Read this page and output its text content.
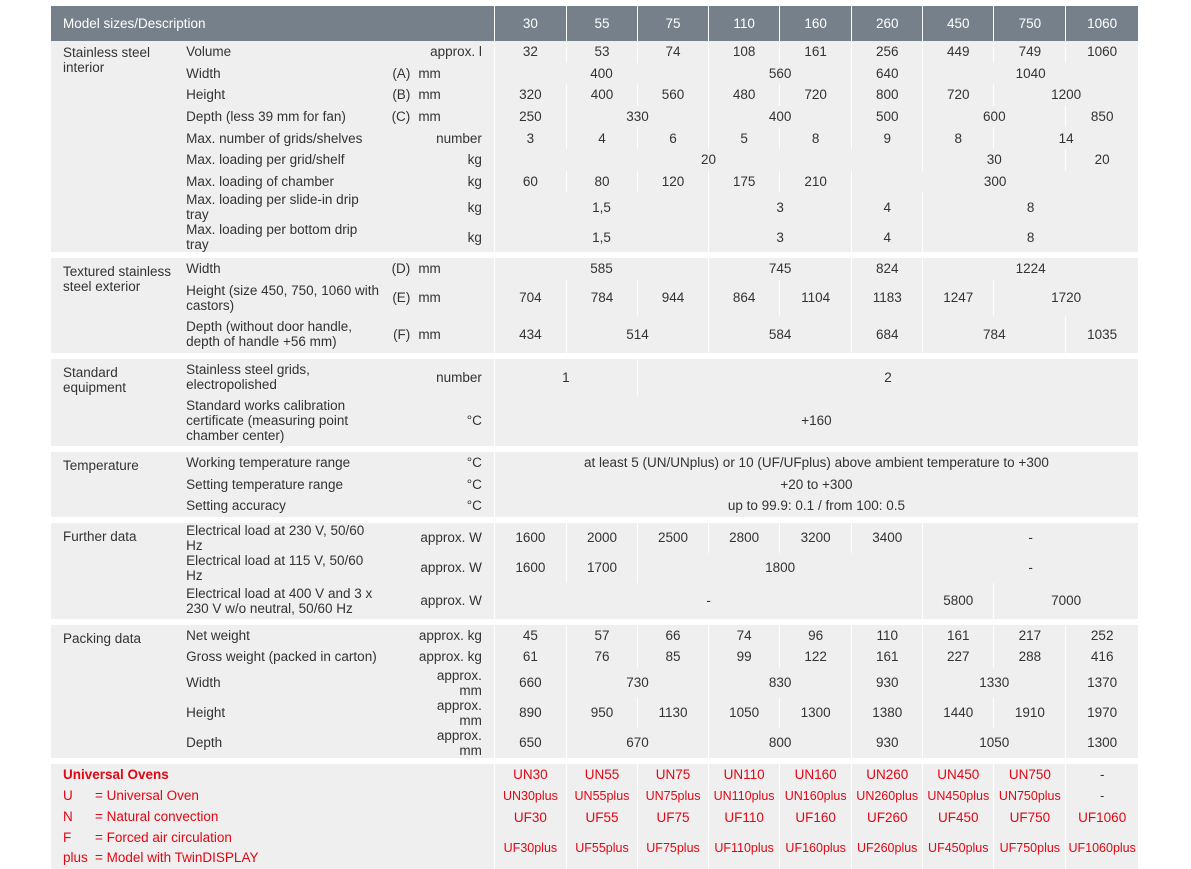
Model sizes/Description				30	55	75	110	160	260	450	750	1060
Stainless steel interior	Volume		approx. l	32	53	74	108	161	256	449	749	1060
	Width	(A)	mm	400			560		640	1040		
	Height	(B)	mm	320	400	560	480	720	800	720	1200	
	Depth (less 39 mm for fan)	(C)	mm	250	330		400		500	600		850
	Max. number of grids/shelves		number	3	4	6	5	8	9	8	14	
	Max. loading per grid/shelf		kg	20						30		20
	Max. loading of chamber		kg	60	80	120	175	210	300			
	Max. loading per slide-in drip tray		kg	1,5			3		4	8		
	Max. loading per bottom drip tray		kg	1,5			3		4	8		
Textured stainless steel exterior	Width	(D)	mm	585			745		824	1224		
	Height (size 450, 750, 1060 with castors)	(E)	mm	704	784	944	864	1104	1183	1247	1720	
	Depth (without door handle, depth of handle +56 mm)	(F)	mm	434	514		584		684	784		1035
Standard equipment	Stainless steel grids, electropolished		number	1		2						
	Standard works calibration certificate (measuring point chamber center)		°C	+160								
Temperature	Working temperature range		°C	at least 5 (UN/UNplus) or 10 (UF/UFplus) above ambient temperature to +300								
	Setting temperature range		°C	+20 to +300								
	Setting accuracy		°C	up to 99.9: 0.1 / from 100: 0.5								
Further data	Electrical load at 230 V, 50/60 Hz		approx. W	1600	2000	2500	2800	3200	3400	-		
	Electrical load at 115 V, 50/60 Hz		approx. W	1600	1700	1800				-		
	Electrical load at 400 V and 3 x 230 V w/o neutral, 50/60 Hz		approx. W	-						5800	7000	
Packing data	Net weight		approx. kg	45	57	66	74	96	110	161	217	252
	Gross weight (packed in carton)		approx. kg	61	76	85	99	122	161	227	288	416
	Width		approx. mm	660	730		830		930	1330		1370
	Height		approx. mm	890	950	1130	1050	1300	1380	1440	1910	1970
	Depth		approx. mm	650	670		800		930	1050		1300
Universal Ovens				UN30	UN55	UN75	UN110	UN160	UN260	UN450	UN750	-

U = Universal Oven				UN30plus	UN55plus	UN75plus	UN110plus	UN160plus	UN260plus	UN450plus	UN750plus	-

N = Natural convection				UF30	UF55	UF75	UF110	UF160	UF260	UF450	UF750	UF1060

F = Forced air circulation
plus = Model with TwinDISPLAY				UF30plus	UF55plus	UF75plus	UF110plus	UF160plus	UF260plus	UF450plus	UF750plus	UF1060plus
